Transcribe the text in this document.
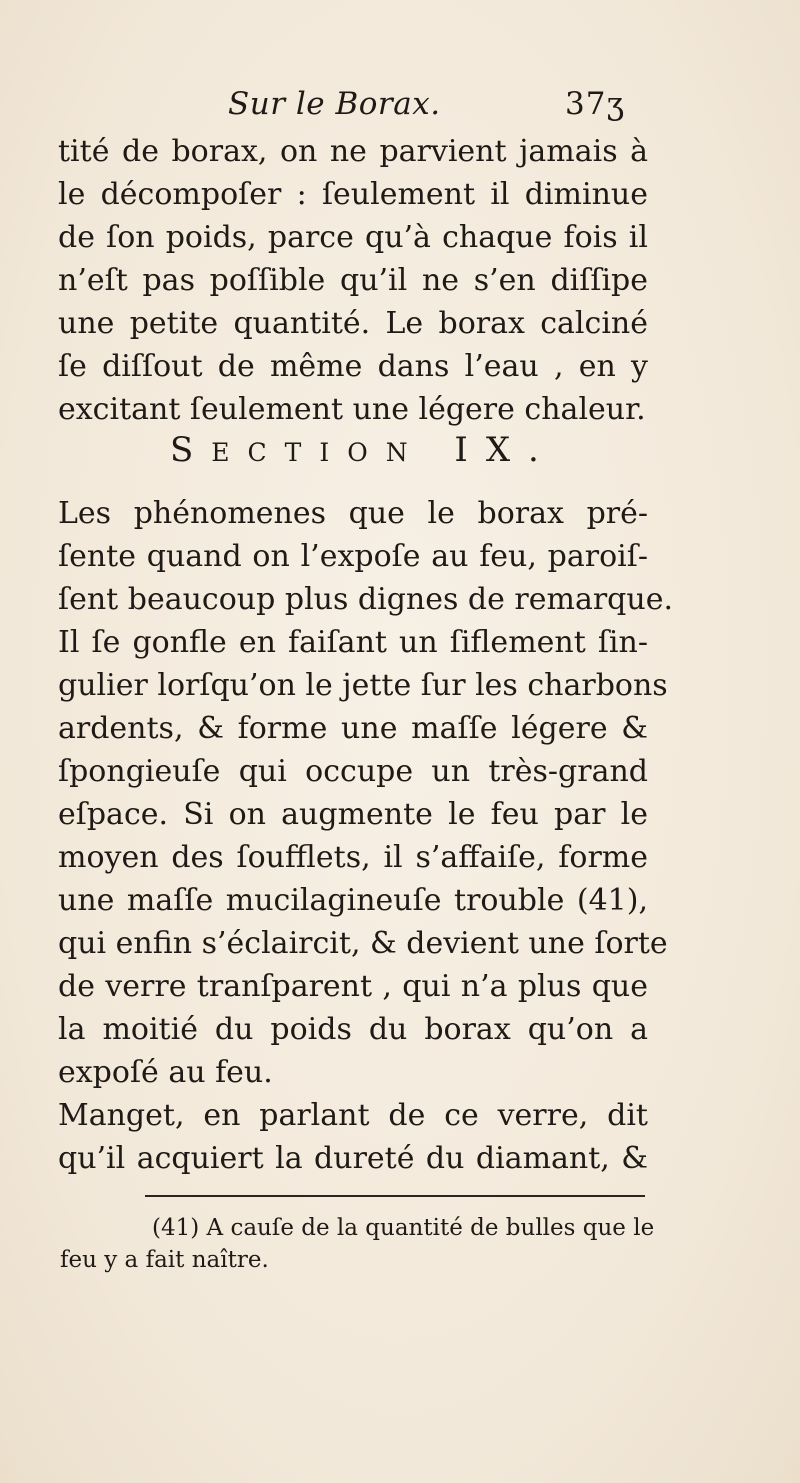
Sur le Borax.	37ʒ
tité de borax, on ne parvient jamais à
le décompoſer : ſeulement il diminue
de ſon poids, parce qu’à chaque fois il
n’eſt pas poſſible qu’il ne s’en diſſipe
une petite quantité. Le borax calciné
ſe diſſout de même dans l’eau , en y
excitant ſeulement une légere chaleur.
SECTION IX.
Les phénomenes que le borax pré-
ſente quand on l’expoſe au feu, paroiſ-
ſent beaucoup plus dignes de remarque.
Il ſe gonfle en faiſant un ſiflement ſin-
gulier lorſqu’on le jette ſur les charbons
ardents, & forme une maſſe légere &
ſpongieuſe qui occupe un très-grand
eſpace. Si on augmente le feu par le
moyen des ſoufflets, il s’affaiſe, forme
une maſſe mucilagineuſe trouble (41),
qui enfin s’éclaircit, & devient une ſorte
de verre tranſparent , qui n’a plus que
la moitié du poids du borax qu’on a
expoſé au feu.
Manget, en parlant de ce verre, dit
qu’il acquiert la dureté du diamant, &
(41) A cauſe de la quantité de bulles que le
feu y a fait naître.
